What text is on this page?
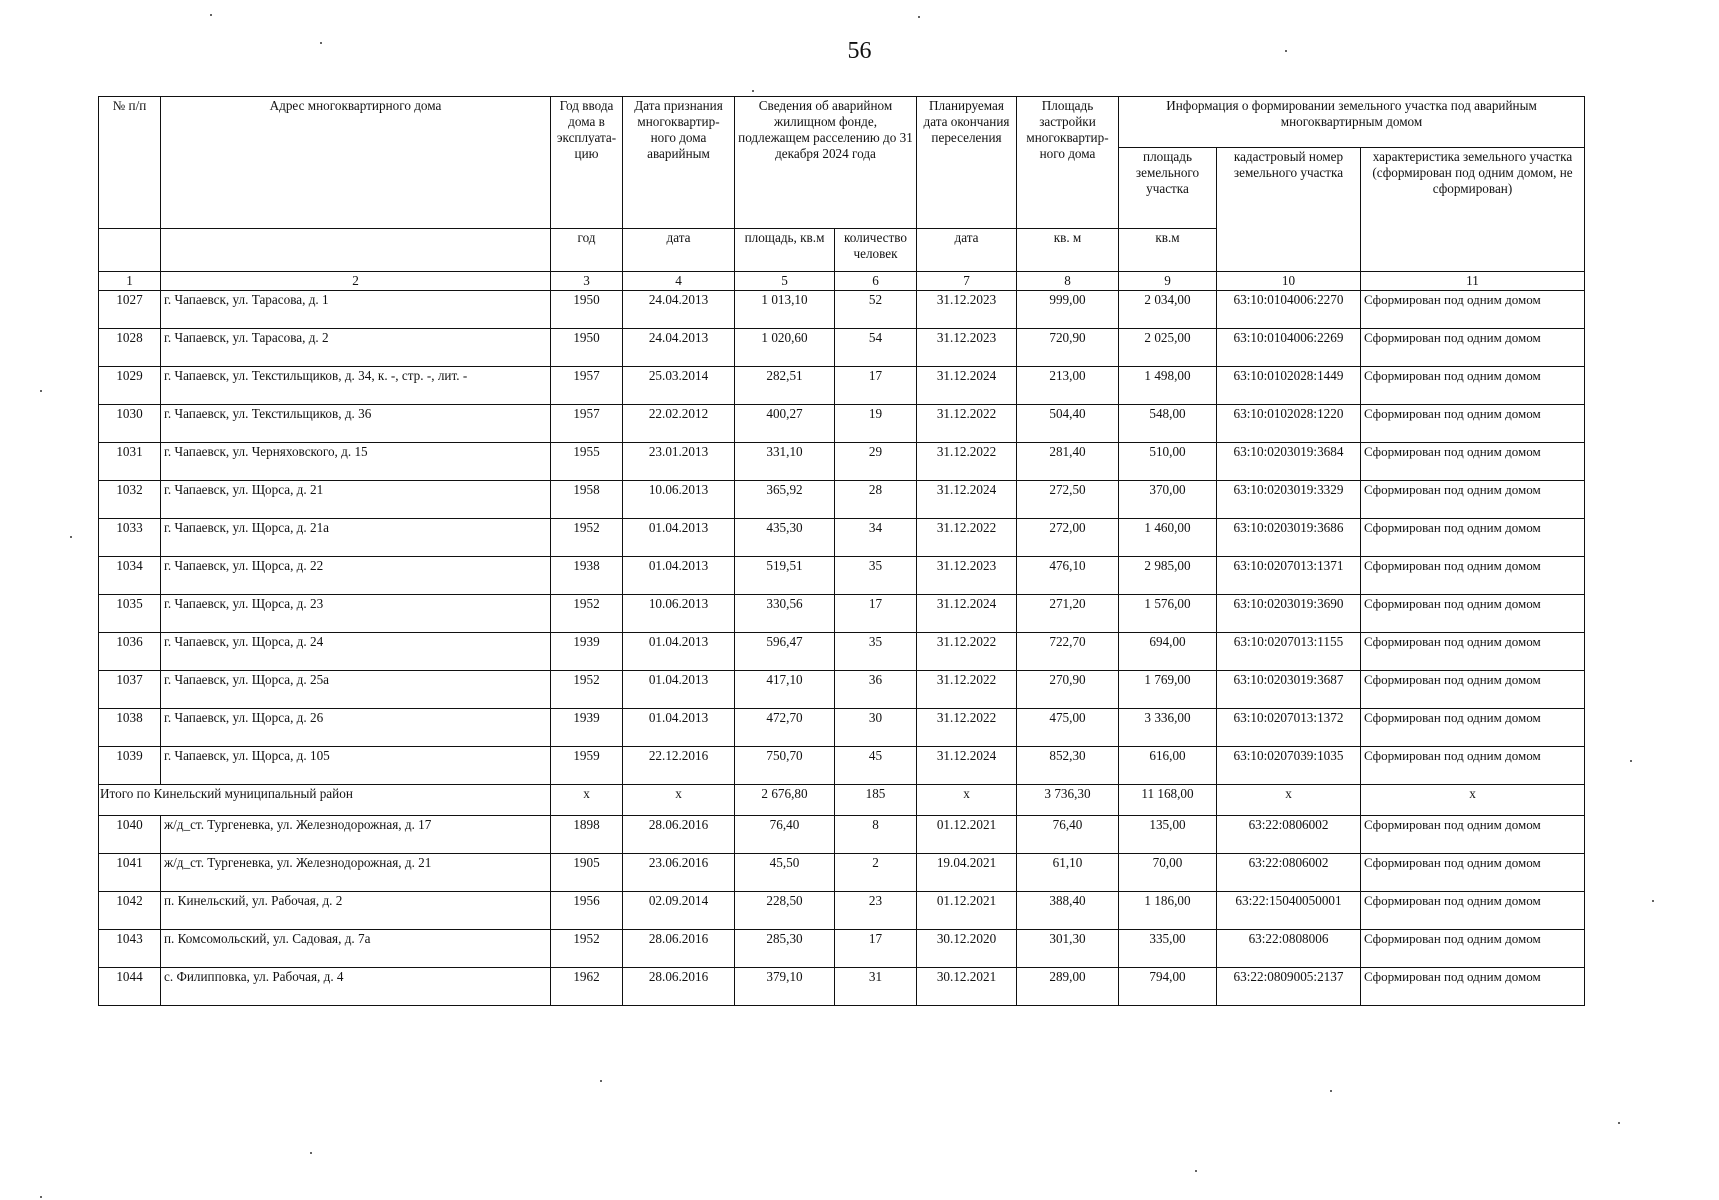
56
№ п/п	Адрес многоквартирного дома	Год ввода дома в эксплуата-цию	Дата признания многоквартир-ного дома аварийным	Сведения об аварийном жилищном фонде, подлежащем расселению до 31 декабря 2024 года		Планируемая дата окончания переселения	Площадь застройки многоквартир-ного дома	Информация о формировании земельного участка под аварийным многоквартирным домом		
								площадь земельного участка	кадастровый номер земельного участка	характеристика земельного участка (сформирован под одним домом, не сформирован)
		год	дата	площадь, кв.м	количество человек	дата	кв. м	кв.м		
1	2	3	4	5	6	7	8	9	10	11
1027	г. Чапаевск, ул. Тарасова, д. 1	1950	24.04.2013	1 013,10	52	31.12.2023	999,00	2 034,00	63:10:0104006:2270	Сформирован под одним домом
1028	г. Чапаевск, ул. Тарасова, д. 2	1950	24.04.2013	1 020,60	54	31.12.2023	720,90	2 025,00	63:10:0104006:2269	Сформирован под одним домом
1029	г. Чапаевск, ул. Текстильщиков, д. 34, к. -, стр. -, лит. -	1957	25.03.2014	282,51	17	31.12.2024	213,00	1 498,00	63:10:0102028:1449	Сформирован под одним домом
1030	г. Чапаевск, ул. Текстильщиков, д. 36	1957	22.02.2012	400,27	19	31.12.2022	504,40	548,00	63:10:0102028:1220	Сформирован под одним домом
1031	г. Чапаевск, ул. Черняховского, д. 15	1955	23.01.2013	331,10	29	31.12.2022	281,40	510,00	63:10:0203019:3684	Сформирован под одним домом
1032	г. Чапаевск, ул. Щорса, д. 21	1958	10.06.2013	365,92	28	31.12.2024	272,50	370,00	63:10:0203019:3329	Сформирован под одним домом
1033	г. Чапаевск, ул. Щорса, д. 21а	1952	01.04.2013	435,30	34	31.12.2022	272,00	1 460,00	63:10:0203019:3686	Сформирован под одним домом
1034	г. Чапаевск, ул. Щорса, д. 22	1938	01.04.2013	519,51	35	31.12.2023	476,10	2 985,00	63:10:0207013:1371	Сформирован под одним домом
1035	г. Чапаевск, ул. Щорса, д. 23	1952	10.06.2013	330,56	17	31.12.2024	271,20	1 576,00	63:10:0203019:3690	Сформирован под одним домом
1036	г. Чапаевск, ул. Щорса, д. 24	1939	01.04.2013	596,47	35	31.12.2022	722,70	694,00	63:10:0207013:1155	Сформирован под одним домом
1037	г. Чапаевск, ул. Щорса, д. 25а	1952	01.04.2013	417,10	36	31.12.2022	270,90	1 769,00	63:10:0203019:3687	Сформирован под одним домом
1038	г. Чапаевск, ул. Щорса, д. 26	1939	01.04.2013	472,70	30	31.12.2022	475,00	3 336,00	63:10:0207013:1372	Сформирован под одним домом
1039	г. Чапаевск, ул. Щорса, д. 105	1959	22.12.2016	750,70	45	31.12.2024	852,30	616,00	63:10:0207039:1035	Сформирован под одним домом
Итого по Кинельский муниципальный район		х	х	2 676,80	185	х	3 736,30	11 168,00	х	х
1040	ж/д_ст. Тургеневка, ул. Железнодорожная, д. 17	1898	28.06.2016	76,40	8	01.12.2021	76,40	135,00	63:22:0806002	Сформирован под одним домом
1041	ж/д_ст. Тургеневка, ул. Железнодорожная, д. 21	1905	23.06.2016	45,50	2	19.04.2021	61,10	70,00	63:22:0806002	Сформирован под одним домом
1042	п. Кинельский, ул. Рабочая, д. 2	1956	02.09.2014	228,50	23	01.12.2021	388,40	1 186,00	63:22:15040050001	Сформирован под одним домом
1043	п. Комсомольский, ул. Садовая, д. 7а	1952	28.06.2016	285,30	17	30.12.2020	301,30	335,00	63:22:0808006	Сформирован под одним домом
1044	с. Филипповка, ул. Рабочая, д. 4	1962	28.06.2016	379,10	31	30.12.2021	289,00	794,00	63:22:0809005:2137	Сформирован под одним домом
